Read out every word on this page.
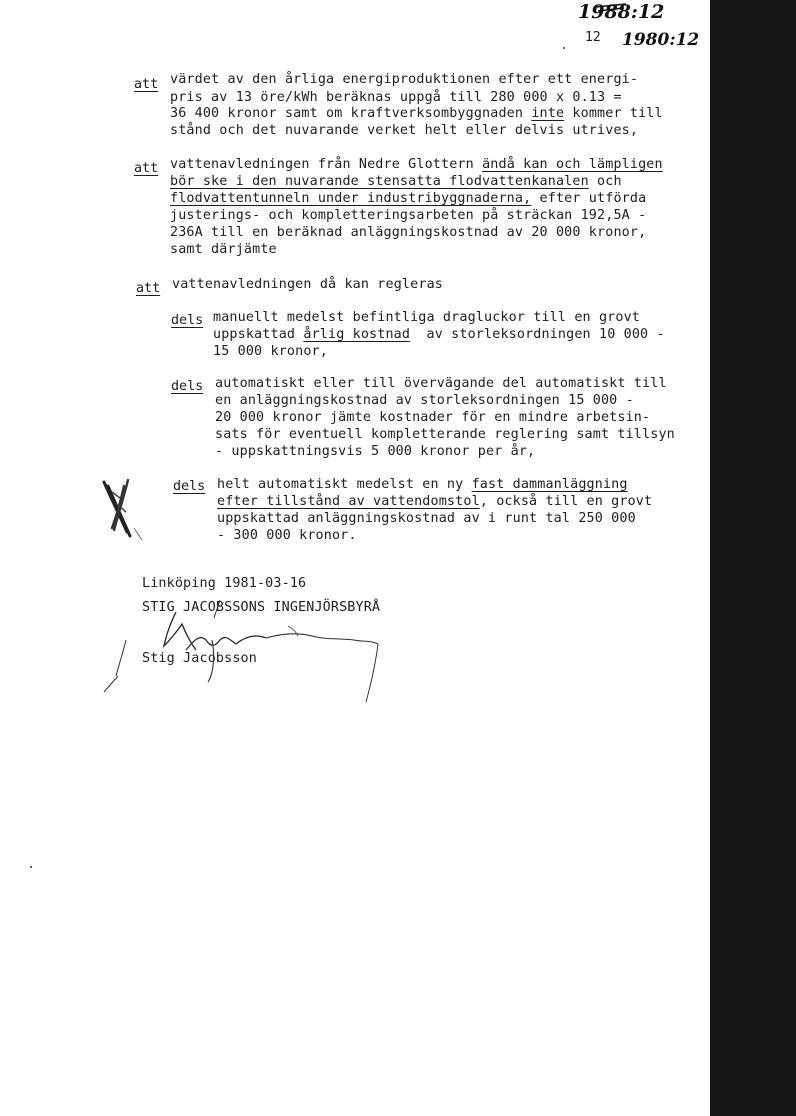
1988:12
12 1980:12
att värdet av den årliga energiproduktionen efter ett energi-
pris av 13 öre/kWh beräknas uppgå till 280 000 x 0.13 =
36 400 kronor samt om kraftverksombyggnaden inte kommer till
stånd och det nuvarande verket helt eller delvis utrives,
att vattenavledningen från Nedre Glottern ändå kan och lämpligen
bör ske i den nuvarande stensatta flodvattenkanalen och
flodvattentunneln under industribyggnaderna, efter utförda
justerings- och kompletteringsarbeten på sträckan 192,5A -
236A till en beräknad anläggningskostnad av 20 000 kronor,
samt därjämte
att vattenavledningen då kan regleras
dels manuellt medelst befintliga dragluckor till en grovt
uppskattad årlig kostnad  av storleksordningen 10 000 -
15 000 kronor,
dels automatiskt eller till övervägande del automatiskt till
en anläggningskostnad av storleksordningen 15 000 -
20 000 kronor jämte kostnader för en mindre arbetsin-
sats för eventuell kompletterande reglering samt tillsyn
- uppskattningsvis 5 000 kronor per år,
dels helt automatiskt medelst en ny fast dammanläggning
efter tillstånd av vattendomstol, också till en grovt
uppskattad anläggningskostnad av i runt tal 250 000
- 300 000 kronor.
Linköping 1981-03-16
STIG JACOBSSONS INGENJÖRSBYRÅ
Stig Jacobsson
